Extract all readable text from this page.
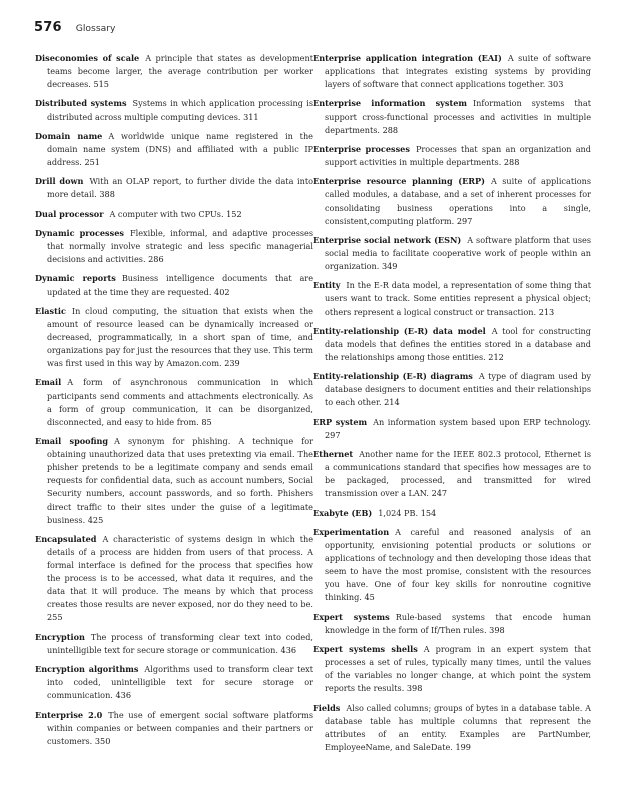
576 Glossary

Diseconomies of scale A principle that states as development teams become larger, the average contribution per worker decreases. 515

Distributed systems Systems in which application processing is distributed across multiple computing devices. 311

Domain name A worldwide unique name registered in the domain name system (DNS) and affiliated with a public IP address. 251

Drill down With an OLAP report, to further divide the data into more detail. 388

Dual processor A computer with two CPUs. 152

Dynamic processes Flexible, informal, and adaptive processes that normally involve strategic and less specific managerial decisions and activities. 286

Dynamic reports Business intelligence documents that are updated at the time they are requested. 402

Elastic In cloud computing, the situation that exists when the amount of resource leased can be dynamically increased or decreased, programmatically, in a short span of time, and organizations pay for just the resources that they use. This term was first used in this way by Amazon.com. 239

Email A form of asynchronous communication in which participants send comments and attachments electronically. As a form of group communication, it can be disorganized, disconnected, and easy to hide from. 85

Email spoofing A synonym for phishing. A technique for obtaining unauthorized data that uses pretexting via email. The phisher pretends to be a legitimate company and sends email requests for confidential data, such as account numbers, Social Security numbers, account passwords, and so forth. Phishers direct traffic to their sites under the guise of a legitimate business. 425

Encapsulated A characteristic of systems design in which the details of a process are hidden from users of that process. A formal interface is defined for the process that specifies how the process is to be accessed, what data it requires, and the data that it will produce. The means by which that process creates those results are never exposed, nor do they need to be. 255

Encryption The process of transforming clear text into coded, unintelligible text for secure storage or communication. 436

Encryption algorithms Algorithms used to transform clear text into coded, unintelligible text for secure storage or communication. 436

Enterprise 2.0 The use of emergent social software platforms within companies or between companies and their partners or customers. 350

Enterprise application integration (EAI) A suite of software applications that integrates existing systems by providing layers of software that connect applications together. 303

Enterprise information system Information systems that support cross-functional processes and activities in multiple departments. 288

Enterprise processes Processes that span an organization and support activities in multiple departments. 288

Enterprise resource planning (ERP) A suite of applications called modules, a database, and a set of inherent processes for consolidating business operations into a single, consistent,computing platform. 297

Enterprise social network (ESN) A software platform that uses social media to facilitate cooperative work of people within an organization. 349

Entity In the E-R data model, a representation of some thing that users want to track. Some entities represent a physical object; others represent a logical construct or transaction. 213

Entity-relationship (E-R) data model A tool for constructing data models that defines the entities stored in a database and the relationships among those entities. 212

Entity-relationship (E-R) diagrams A type of diagram used by database designers to document entities and their relationships to each other. 214

ERP system An information system based upon ERP technology. 297

Ethernet Another name for the IEEE 802.3 protocol, Ethernet is a communications standard that specifies how messages are to be packaged, processed, and transmitted for wired transmission over a LAN. 247

Exabyte (EB) 1,024 PB. 154

Experimentation A careful and reasoned analysis of an opportunity, envisioning potential products or solutions or applications of technology and then developing those ideas that seem to have the most promise, consistent with the resources you have. One of four key skills for nonroutine cognitive thinking. 45

Expert systems Rule-based systems that encode human knowledge in the form of If/Then rules. 398

Expert systems shells A program in an expert system that processes a set of rules, typically many times, until the values of the variables no longer change, at which point the system reports the results. 398

Fields Also called columns; groups of bytes in a database table. A database table has multiple columns that represent the attributes of an entity. Examples are PartNumber, EmployeeName, and SaleDate. 199
